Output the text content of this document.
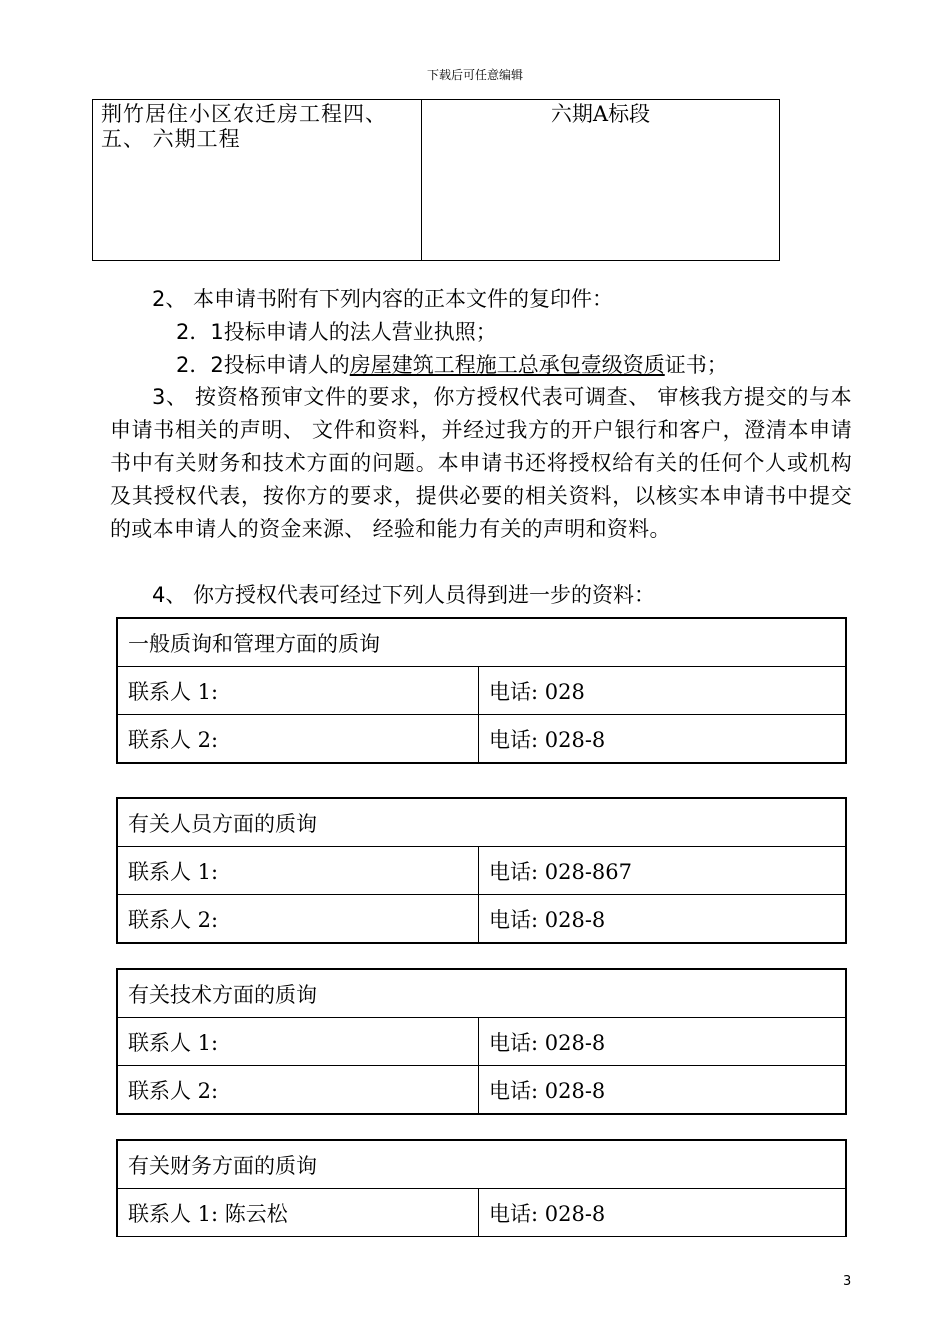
下载后可任意编辑
荆竹居住小区农迁房工程四、五、 六期工程	六期A标段
2、 本申请书附有下列内容的正本文件的复印件：
2．1投标申请人的法人营业执照；
2．2投标申请人的房屋建筑工程施工总承包壹级资质证书；
3、 按资格预审文件的要求，你方授权代表可调查、 审核我方提交的与本申请书相关的声明、 文件和资料，并经过我方的开户银行和客户，澄清本申请书中有关财务和技术方面的问题。本申请书还将授权给有关的任何个人或机构及其授权代表，按你方的要求，提供必要的相关资料，以核实本申请书中提交的或本申请人的资金来源、 经验和能力有关的声明和资料。
4、 你方授权代表可经过下列人员得到进一步的资料：
一般质询和管理方面的质询	
联系人 1:	电话: 028
联系人 2:	电话: 028-8
有关人员方面的质询	
联系人 1:	电话: 028-867
联系人 2:	电话: 028-8
有关技术方面的质询	
联系人 1:	电话: 028-8
联系人 2:	电话: 028-8
有关财务方面的质询
联系人 1: 陈云松	电话: 028-8
3
